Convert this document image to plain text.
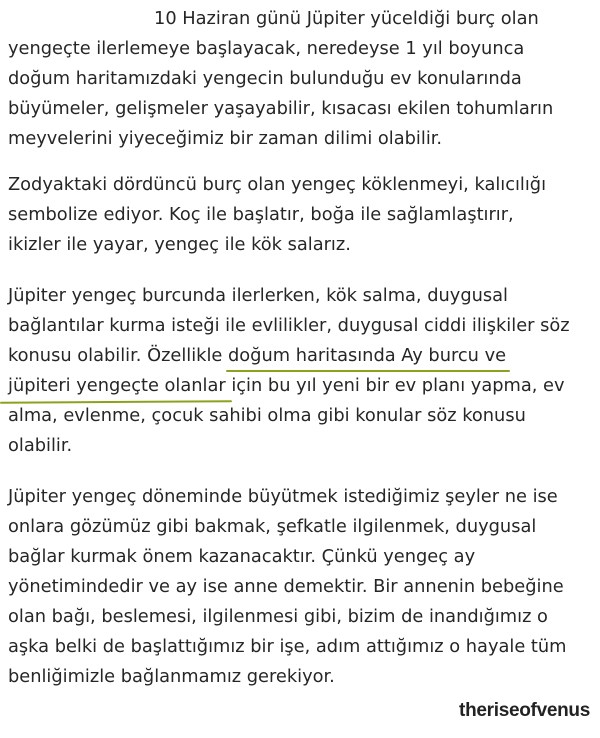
10 Haziran günü Jüpiter yüceldiği burç olan
yengeçte ilerlemeye başlayacak, neredeyse 1 yıl boyunca
doğum haritamızdaki yengecin bulunduğu ev konularında
büyümeler, gelişmeler yaşayabilir, kısacası ekilen tohumların
meyvelerini yiyeceğimiz bir zaman dilimi olabilir.
Zodyaktaki dördüncü burç olan yengeç köklenmeyi, kalıcılığı
sembolize ediyor. Koç ile başlatır, boğa ile sağlamlaştırır,
ikizler ile yayar, yengeç ile kök salarız.
Jüpiter yengeç burcunda ilerlerken, kök salma, duygusal
bağlantılar kurma isteği ile evlilikler, duygusal ciddi ilişkiler söz
konusu olabilir. Özellikle doğum haritasında Ay burcu ve
jüpiteri yengeçte olanlar için bu yıl yeni bir ev planı yapma, ev
alma, evlenme, çocuk sahibi olma gibi konular söz konusu
olabilir.
Jüpiter yengeç döneminde büyütmek istediğimiz şeyler ne ise
onlara gözümüz gibi bakmak, şefkatle ilgilenmek, duygusal
bağlar kurmak önem kazanacaktır. Çünkü yengeç ay
yönetimindedir ve ay ise anne demektir. Bir annenin bebeğine
olan bağı, beslemesi, ilgilenmesi gibi, bizim de inandığımız o
aşka belki de başlattığımız bir işe, adım attığımız o hayale tüm
benliğimizle bağlanmamız gerekiyor.
theriseofvenus
